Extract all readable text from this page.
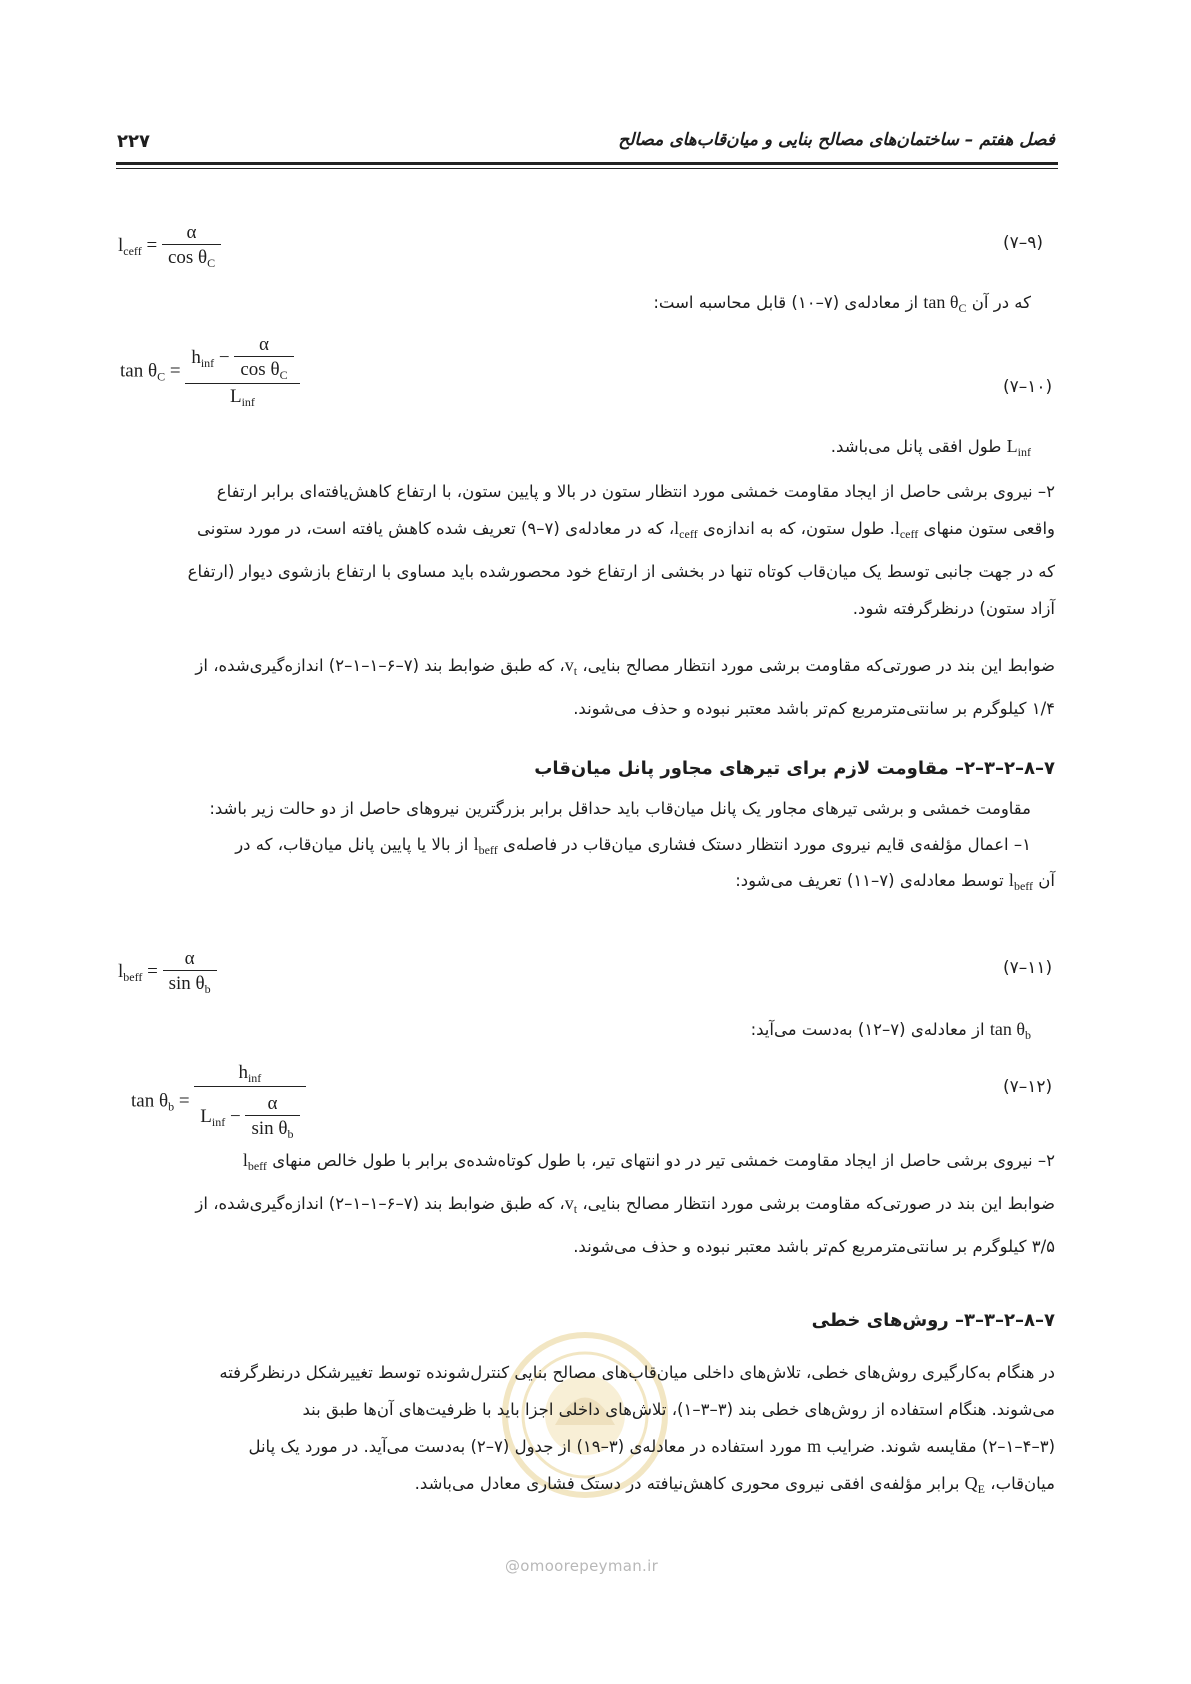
فصل هفتم – ساختمان‌های مصالح بنایی و میان‌قاب‌های مصالح
۲۲۷
$l_{ceff} = \frac{\alpha}{\cos \theta_C}$	(۹–۷)
که در آن $\tan \theta_C$ از معادله‌ی (۷–۱۰) قابل محاسبه است:
$\tan \theta_C = \frac{h_{inf} - \frac{\alpha}{\cos \theta_C}}{L_{inf}}$	(۱۰–۷)
$L_{inf}$ طول افقی پانل می‌باشد.
۲– نیروی برشی حاصل از ایجاد مقاومت خمشی مورد انتظار ستون در بالا و پایین ستون، با ارتفاع کاهش‌یافته‌ای برابر ارتفاع
واقعی ستون منهای $l_{ceff}$. طول ستون، که به اندازه‌ی $l_{ceff}،$ که در معادله‌ی (۷–۹) تعریف شده کاهش یافته است، در مورد ستونی
که در جهت جانبی توسط یک میان‌قاب کوتاه تنها در بخشی از ارتفاع خود محصورشده باید مساوی با ارتفاع بازشوی دیوار (ارتفاع
آزاد ستون) درنظرگرفته شود.
ضوابط این بند در صورتی‌که مقاومت برشی مورد انتظار مصالح بنایی، $v_t،$ که طبق ضوابط بند (۷–۶–۱–۱–۲) اندازه‌گیری‌شده، از
۱/۴ کیلوگرم بر سانتی‌مترمربع کم‌تر باشد معتبر نبوده و حذف می‌شوند.
۷–۸–۲–۳–۲– مقاومت لازم برای تیرهای مجاور پانل میان‌قاب
مقاومت خمشی و برشی تیرهای مجاور یک پانل میان‌قاب باید حداقل برابر بزرگترین نیروهای حاصل از دو حالت زیر باشد:
۱– اعمال مؤلفه‌ی قایم نیروی مورد انتظار دستک فشاری میان‌قاب در فاصله‌ی $l_{beff}$ از بالا یا پایین پانل میان‌قاب، که در
آن $l_{beff}$ توسط معادله‌ی (۷–۱۱) تعریف می‌شود:
$l_{beff} = \frac{\alpha}{\sin \theta_b}$	(۱۱–۷)
$\tan \theta_b$ از معادله‌ی (۷–۱۲) به‌دست می‌آید:
$\tan \theta_b = \frac{h_{inf}}{L_{inf} - \frac{\alpha}{\sin \theta_b}}$	(۱۲–۷)
۲– نیروی برشی حاصل از ایجاد مقاومت خمشی تیر در دو انتهای تیر، با طول کوتاه‌شده‌ی برابر با طول خالص منهای $l_{beff}$
ضوابط این بند در صورتی‌که مقاومت برشی مورد انتظار مصالح بنایی، $v_t،$ که طبق ضوابط بند (۷–۶–۱–۱–۲) اندازه‌گیری‌شده، از
۳/۵ کیلوگرم بر سانتی‌مترمربع کم‌تر باشد معتبر نبوده و حذف می‌شوند.
۷–۸–۲–۳–۳– روش‌های خطی
در هنگام به‌کارگیری روش‌های خطی، تلاش‌های داخلی میان‌قاب‌های مصالح بنایی کنترل‌شونده توسط تغییرشکل درنظرگرفته
می‌شوند. هنگام استفاده از روش‌های خطی بند (۳–۳–۱)، تلاش‌های داخلی اجزا باید با ظرفیت‌های آن‌ها طبق بند
(۳–۴–۱–۲) مقایسه شوند. ضرایب m مورد استفاده در معادله‌ی (۳–۱۹) از جدول (۷–۲) به‌دست می‌آید. در مورد یک پانل
میان‌قاب، $Q_E$ برابر مؤلفه‌ی افقی نیروی محوری کاهش‌نیافته در دستک فشاری معادل می‌باشد.
@omoorepeyman.ir
